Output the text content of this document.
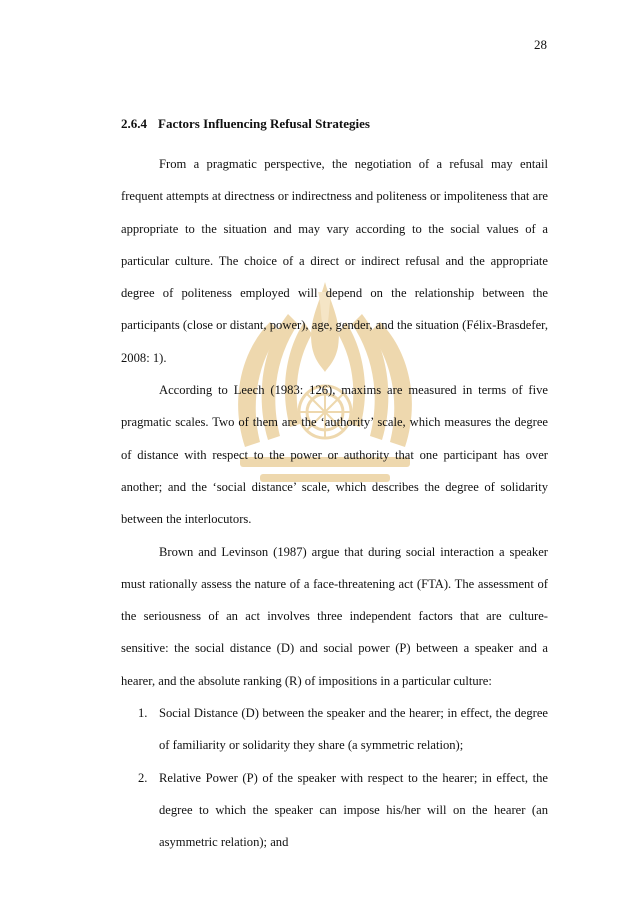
28
2.6.4 Factors Influencing Refusal Strategies

From a pragmatic perspective, the negotiation of a refusal may entail frequent attempts at directness or indirectness and politeness or impoliteness that are appropriate to the situation and may vary according to the social values of a particular culture. The choice of a direct or indirect refusal and the appropriate degree of politeness employed will depend on the relationship between the participants (close or distant, power), age, gender, and the situation (Félix-Brasdefer, 2008: 1).

According to Leech (1983: 126), maxims are measured in terms of five pragmatic scales. Two of them are the ‘authority’ scale, which measures the degree of distance with respect to the power or authority that one participant has over another; and the ‘social distance’ scale, which describes the degree of solidarity between the interlocutors.

Brown and Levinson (1987) argue that during social interaction a speaker must rationally assess the nature of a face-threatening act (FTA). The assessment of the seriousness of an act involves three independent factors that are culture-sensitive: the social distance (D) and social power (P) between a speaker and a hearer, and the absolute ranking (R) of impositions in a particular culture:

1. Social Distance (D) between the speaker and the hearer; in effect, the degree of familiarity or solidarity they share (a symmetric relation);
2. Relative Power (P) of the speaker with respect to the hearer; in effect, the degree to which the speaker can impose his/her will on the hearer (an asymmetric relation); and
